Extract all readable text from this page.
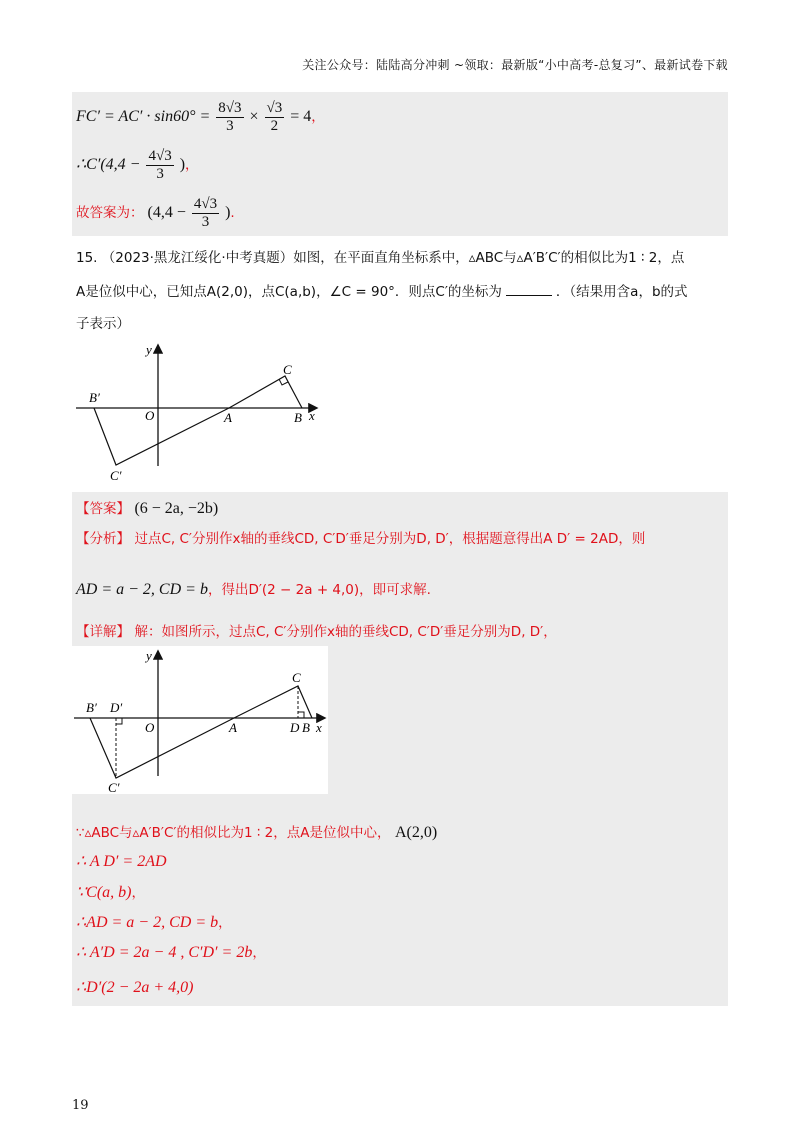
关注公众号：陆陆高分冲刺 ~领取：最新版“小中高考-总复习”、最新试卷下载
$FC' = AC' \cdot \sin 60^\circ = \frac{8√3}{3} \times \frac{√3}{2} = 4$，
∴C′(4,4 − $\frac{4√3}{3}$ )，
故答案为： ($4,4 - \frac{4√3}{3}$ ).
15. （2023·黑龙江绥化·中考真题）如图，在平面直角坐标系中，▵ABC与▵A′B′C′的相似比为1 ∶ 2，点
A是位似中心，已知点A(2,0)，点C(a,b)，∠C = 90°．则点C′的坐标为	．（结果用含a，b的式
子表示）
y
x
O	A	B
C
B′
C′
【答案】 (6 − 2a, −2b)
【分析】 过点C, C′分别作x轴的垂线CD, C′D′垂足分别为D, D′，根据题意得出A D′ = 2AD，则
AD = a − 2, CD = b，得出D′(2 − 2a + 4,0)，即可求解.
【详解】 解：如图所示，过点C, C′分别作x轴的垂线CD, C′D′垂足分别为D, D′，
y
x
O	A	D B
C
B′ D′
C′
∵▵ABC与▵A′B′C′的相似比为1 ∶ 2，点A是位似中心， A(2,0)
∴ A D′ = 2AD
∵C(a, b)，
∴AD = a − 2, CD = b，
∴ A′D = 2a − 4 , C′D′ = 2b，
∴D′(2 − 2a + 4,0)
19
